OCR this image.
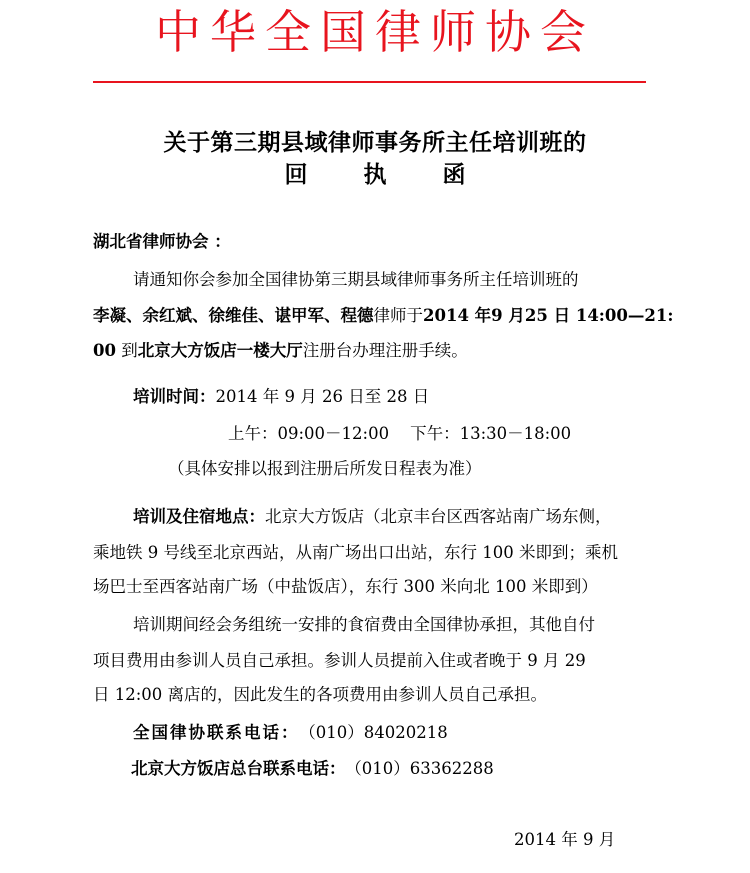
中华全国律师协会
关于第三期县域律师事务所主任培训班的
回 执 函
湖北省律师协会 ：
请通知你会参加全国律协第三期县域律师事务所主任培训班的
李凝、余红斌、徐维佳、谌甲军、程德律师于2014 年9 月25 日 14:00—21:
00 到北京大方饭店一楼大厅注册台办理注册手续。
培训时间：2014 年 9 月 26 日至 28 日
上午：09:00－12:00    下午：13:30－18:00
（具体安排以报到注册后所发日程表为准）
培训及住宿地点：北京大方饭店（北京丰台区西客站南广场东侧，
乘地铁 9 号线至北京西站，从南广场出口出站，东行 100 米即到；乘机
场巴士至西客站南广场（中盐饭店），东行 300 米向北 100 米即到）
培训期间经会务组统一安排的食宿费由全国律协承担，其他自付
项目费用由参训人员自己承担。参训人员提前入住或者晚于 9 月 29
日 12:00 离店的，因此发生的各项费用由参训人员自己承担。
全国律协联系电话： （010）84020218
北京大方饭店总台联系电话： （010）63362288
2014 年 9 月
